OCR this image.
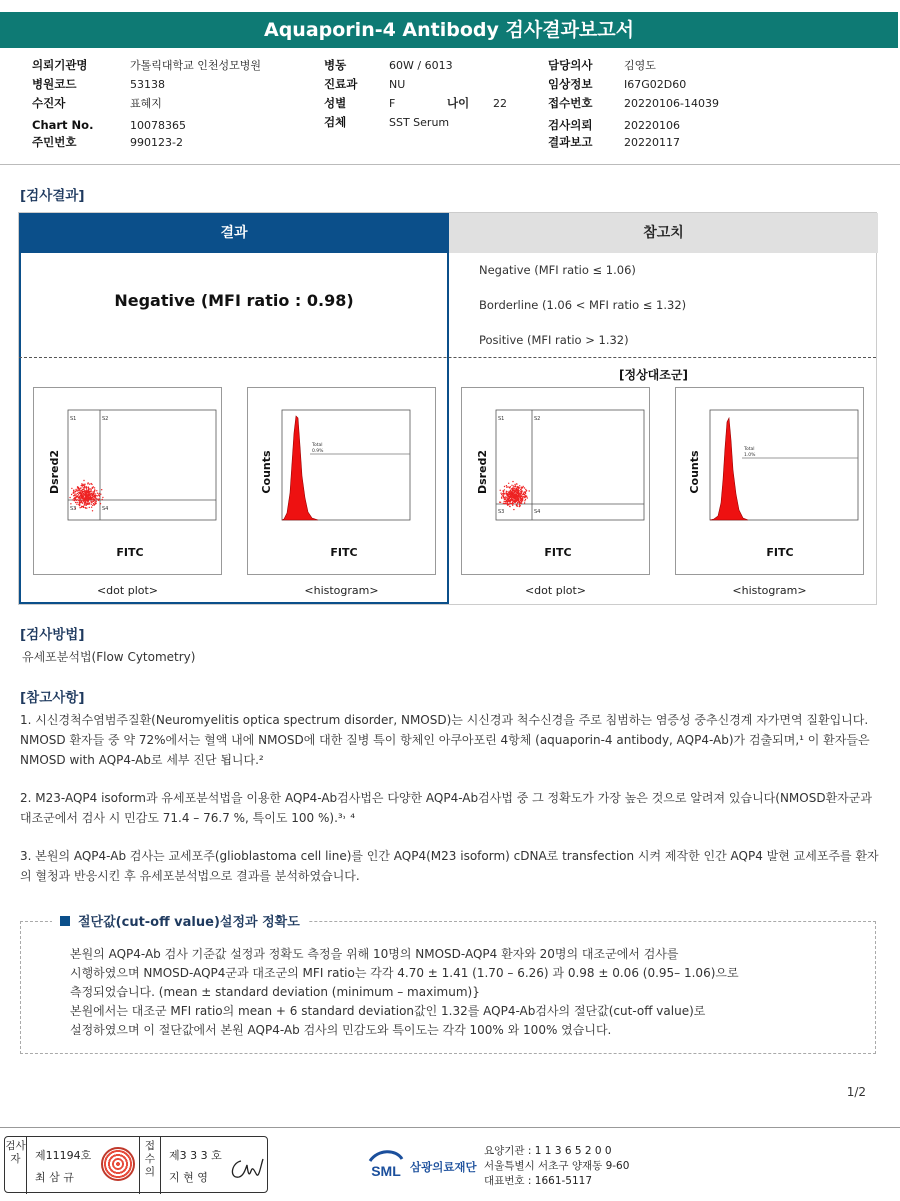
Aquaporin-4 Antibody 검사결과보고서
의뢰기관명	가톨릭대학교 인천성모병원
병원코드	53138
수진자	표혜지
Chart No.	10078365
주민번호	990123-2
병동	60W / 6013
진료과	NU
성별	F	나이 22
검체	SST Serum
담당의사	김영도
임상정보	I67G02D60
접수번호	20220106-14039
검사의뢰	20220106
결과보고	20220117
[검사결과]
결과	참고치
Negative (MFI ratio : 0.98)
Negative (MFI ratio ≤ 1.06)
Borderline (1.06 < MFI ratio ≤ 1.32)
Positive (MFI ratio > 1.32)
[정상대조군]
S1	S2
S3	S4
FITC
Dsred2
<dot plot>
Total
0.9%
FITC
Counts
<histogram>
S1	S2
S3	S4
FITC
Dsred2
<dot plot>
Total
1.0%
FITC
Counts
<histogram>
[검사방법]
유세포분석법(Flow Cytometry)
[참고사항]
1. 시신경척수염범주질환(Neuromyelitis optica spectrum disorder, NMOSD)는 시신경과 척수신경을 주로 침범하는 염증성 중추신경계 자가면역 질환입니다. NMOSD 환자들 중 약 72%에서는 혈액 내에 NMOSD에 대한 질병 특이 항체인 아쿠아포린 4항체 (aquaporin-4 antibody, AQP4-Ab)가 검출되며,¹ 이 환자들은 NMOSD with AQP4-Ab로 세부 진단 됩니다.²
2. M23-AQP4 isoform과 유세포분석법을 이용한 AQP4-Ab검사법은 다양한 AQP4-Ab검사법 중 그 정확도가 가장 높은 것으로 알려져 있습니다(NMOSD환자군과 대조군에서 검사 시 민감도 71.4 – 76.7 %, 특이도 100 %).³˒ ⁴
3. 본원의 AQP4-Ab 검사는 교세포주(glioblastoma cell line)를 인간 AQP4(M23 isoform) cDNA로 transfection 시켜 제작한 인간 AQP4 발현 교세포주를 환자의 혈청과 반응시킨 후 유세포분석법으로 결과를 분석하였습니다.
절단값(cut-off value)설정과 정확도
본원의 AQP4-Ab 검사 기준값 설정과 정확도 측정을 위해 10명의 NMOSD-AQP4 환자와 20명의 대조군에서 검사를
시행하였으며 NMOSD-AQP4군과 대조군의 MFI ratio는 각각 4.70 ± 1.41 (1.70 – 6.26) 과 0.98 ± 0.06 (0.95– 1.06)으로
측정되었습니다. (mean ± standard deviation (minimum – maximum)}
본원에서는 대조군 MFI ratio의 mean + 6 standard deviation값인 1.32를 AQP4-Ab검사의 절단값(cut-off value)로
설정하였으며 이 절단값에서 본원 AQP4-Ab 검사의 민감도와 특이도는 각각 100% 와 100% 였습니다.
1/2
검사자	제11194호
최 삼 규
접수의
제3 3 3 호
지 현 영	SML 삼광의료재단
요양기관 : 1 1 3 6 5 2 0 0
서울특별시 서초구 양재동 9-60
대표번호 : 1661-5117
